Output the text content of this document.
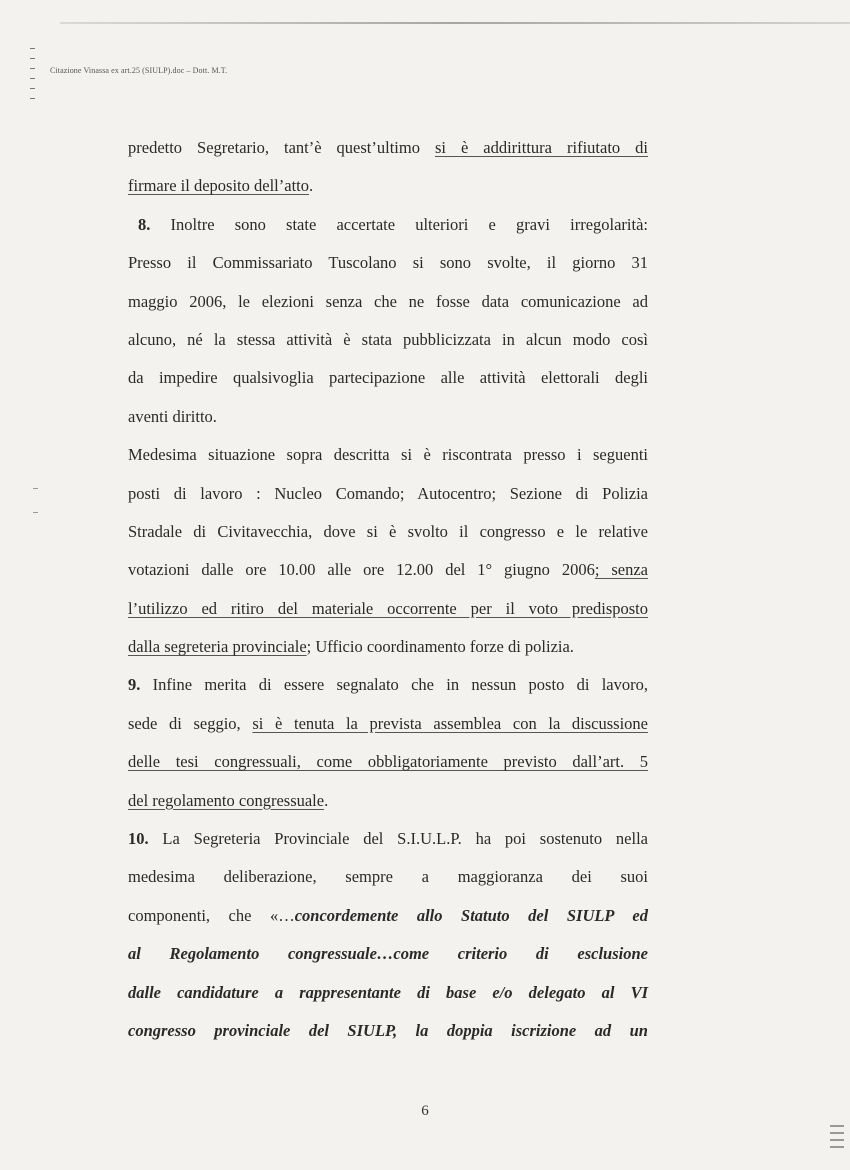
Citazione Vinassa ex art.25 (SIULP).doc – Dott. M.T.
predetto Segretario, tant’è quest’ultimo si è addirittura rifiutato di
firmare il deposito dell’atto.
8. Inoltre sono state accertate ulteriori e gravi irregolarità:
Presso il Commissariato Tuscolano si sono svolte, il giorno 31
maggio 2006, le elezioni senza che ne fosse data comunicazione ad
alcuno, né la stessa attività è stata pubblicizzata in alcun modo così
da impedire qualsivoglia partecipazione alle attività elettorali degli
aventi diritto.
Medesima situazione sopra descritta si è riscontrata presso i seguenti
posti di lavoro : Nucleo Comando; Autocentro; Sezione di Polizia
Stradale di Civitavecchia, dove si è svolto il congresso e le relative
votazioni dalle ore 10.00 alle ore 12.00 del 1° giugno 2006; senza
l’utilizzo ed ritiro del materiale occorrente per il voto predisposto
dalla segreteria provinciale; Ufficio coordinamento forze di polizia.
9. Infine merita di essere segnalato che in nessun posto di lavoro,
sede di seggio, si è tenuta la prevista assemblea con la discussione
delle tesi congressuali, come obbligatoriamente previsto dall’art. 5
del regolamento congressuale.
10. La Segreteria Provinciale del S.I.U.L.P. ha poi sostenuto nella
medesima deliberazione, sempre a maggioranza dei suoi
componenti, che «…concordemente allo Statuto del SIULP ed
al Regolamento congressuale…come criterio di esclusione
dalle candidature a rappresentante di base e/o delegato al VI
congresso provinciale del SIULP, la doppia iscrizione ad un
6
